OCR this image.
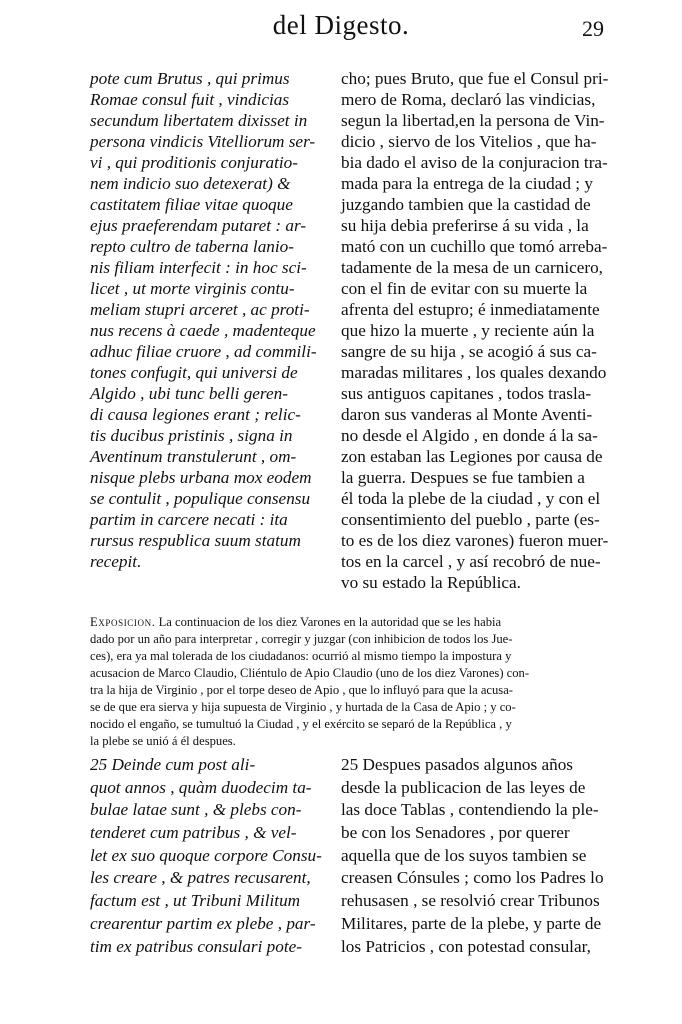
del Digesto.	29
pote cum Brutus , qui primus
Romae consul fuit , vindicias
secundum libertatem dixisset in
persona vindicis Vitelliorum ser-
vi , qui proditionis conjuratio-
nem indicio suo detexerat) &
castitatem filiae vitae quoque
ejus praeferendam putaret : ar-
repto cultro de taberna lanio-
nis filiam interfecit : in hoc sci-
licet , ut morte virginis contu-
meliam stupri arceret , ac proti-
nus recens à caede , madenteque
adhuc filiae cruore , ad commili-
tones confugit, qui universi de
Algido , ubi tunc belli geren-
di causa legiones erant ; relic-
tis ducibus pristinis , signa in
Aventinum transtulerunt , om-
nisque plebs urbana mox eodem
se contulit , populique consensu
partim in carcere necati : ita
rursus respublica suum statum
recepit.
cho; pues Bruto, que fue el Consul pri-
mero de Roma, declaró las vindicias,
segun la libertad,en la persona de Vin-
dicio , siervo de los Vitelios , que ha-
bia dado el aviso de la conjuracion tra-
mada para la entrega de la ciudad ; y
juzgando tambien que la castidad de
su hija debia preferirse á su vida , la
mató con un cuchillo que tomó arreba-
tadamente de la mesa de un carnicero,
con el fin de evitar con su muerte la
afrenta del estupro; é inmediatamente
que hizo la muerte , y reciente aún la
sangre de su hija , se acogió á sus ca-
maradas militares , los quales dexando
sus antiguos capitanes , todos trasla-
daron sus vanderas al Monte Aventi-
no desde el Algido , en donde á la sa-
zon estaban las Legiones por causa de
la guerra. Despues se fue tambien a
él toda la plebe de la ciudad , y con el
consentimiento del pueblo , parte (es-
to es de los diez varones) fueron muer-
tos en la carcel , y así recobró de nue-
vo su estado la República.
Exposicion. La continuacion de los diez Varones en la autoridad que se les habia
dado por un año para interpretar , corregir y juzgar (con inhibicion de todos los Jue-
ces), era ya mal tolerada de los ciudadanos: ocurrió al mismo tiempo la impostura y
acusacion de Marco Claudio, Cliéntulo de Apio Claudio (uno de los diez Varones) con-
tra la hija de Virginio , por el torpe deseo de Apio , que lo influyó para que la acusa-
se de que era sierva y hija supuesta de Virginio , y hurtada de la Casa de Apio ; y co-
nocido el engaño, se tumultuó la Ciudad , y el exército se separó de la República , y
la plebe se unió á él despues.
25 Deinde cum post ali-
quot annos , quàm duodecim ta-
bulae latae sunt , & plebs con-
tenderet cum patribus , & vel-
let ex suo quoque corpore Consu-
les creare , & patres recusarent,
factum est , ut Tribuni Militum
crearentur partim ex plebe , par-
tim ex patribus consulari pote-
25 Despues pasados algunos años
desde la publicacion de las leyes de
las doce Tablas , contendiendo la ple-
be con los Senadores , por querer
aquella que de los suyos tambien se
creasen Cónsules ; como los Padres lo
rehusasen , se resolvió crear Tribunos
Militares, parte de la plebe, y parte de
los Patricios , con potestad consular,
